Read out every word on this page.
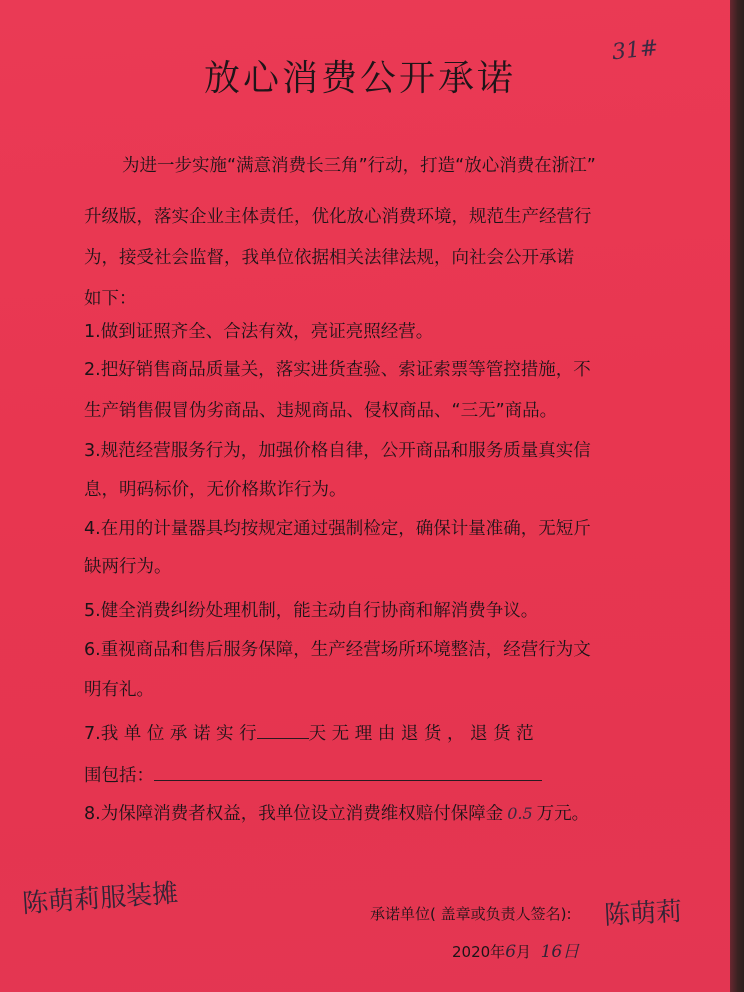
放心消费公开承诺
31#
为进一步实施“满意消费长三角”行动，打造“放心消费在浙江”
升级版，落实企业主体责任，优化放心消费环境，规范生产经营行
为，接受社会监督，我单位依据相关法律法规，向社会公开承诺
如下：
1.做到证照齐全、合法有效，亮证亮照经营。
2.把好销售商品质量关，落实进货查验、索证索票等管控措施，不
生产销售假冒伪劣商品、违规商品、侵权商品、“三无”商品。
3.规范经营服务行为，加强价格自律，公开商品和服务质量真实信
息，明码标价，无价格欺诈行为。
4.在用的计量器具均按规定通过强制检定，确保计量准确，无短斤
缺两行为。
5.健全消费纠纷处理机制，能主动自行协商和解消费争议。
6.重视商品和售后服务保障，生产经营场所环境整洁，经营行为文
明有礼。
7.我 单 位 承 诺 实 行	天 无 理 由 退 货 ， 退 货 范
围包括：
8.为保障消费者权益，我单位设立消费维权赔付保障金 0.5 万元。
陈萌莉服装摊	承诺单位( 盖章或负责人签名): 陈萌莉
2020年6月 16日
